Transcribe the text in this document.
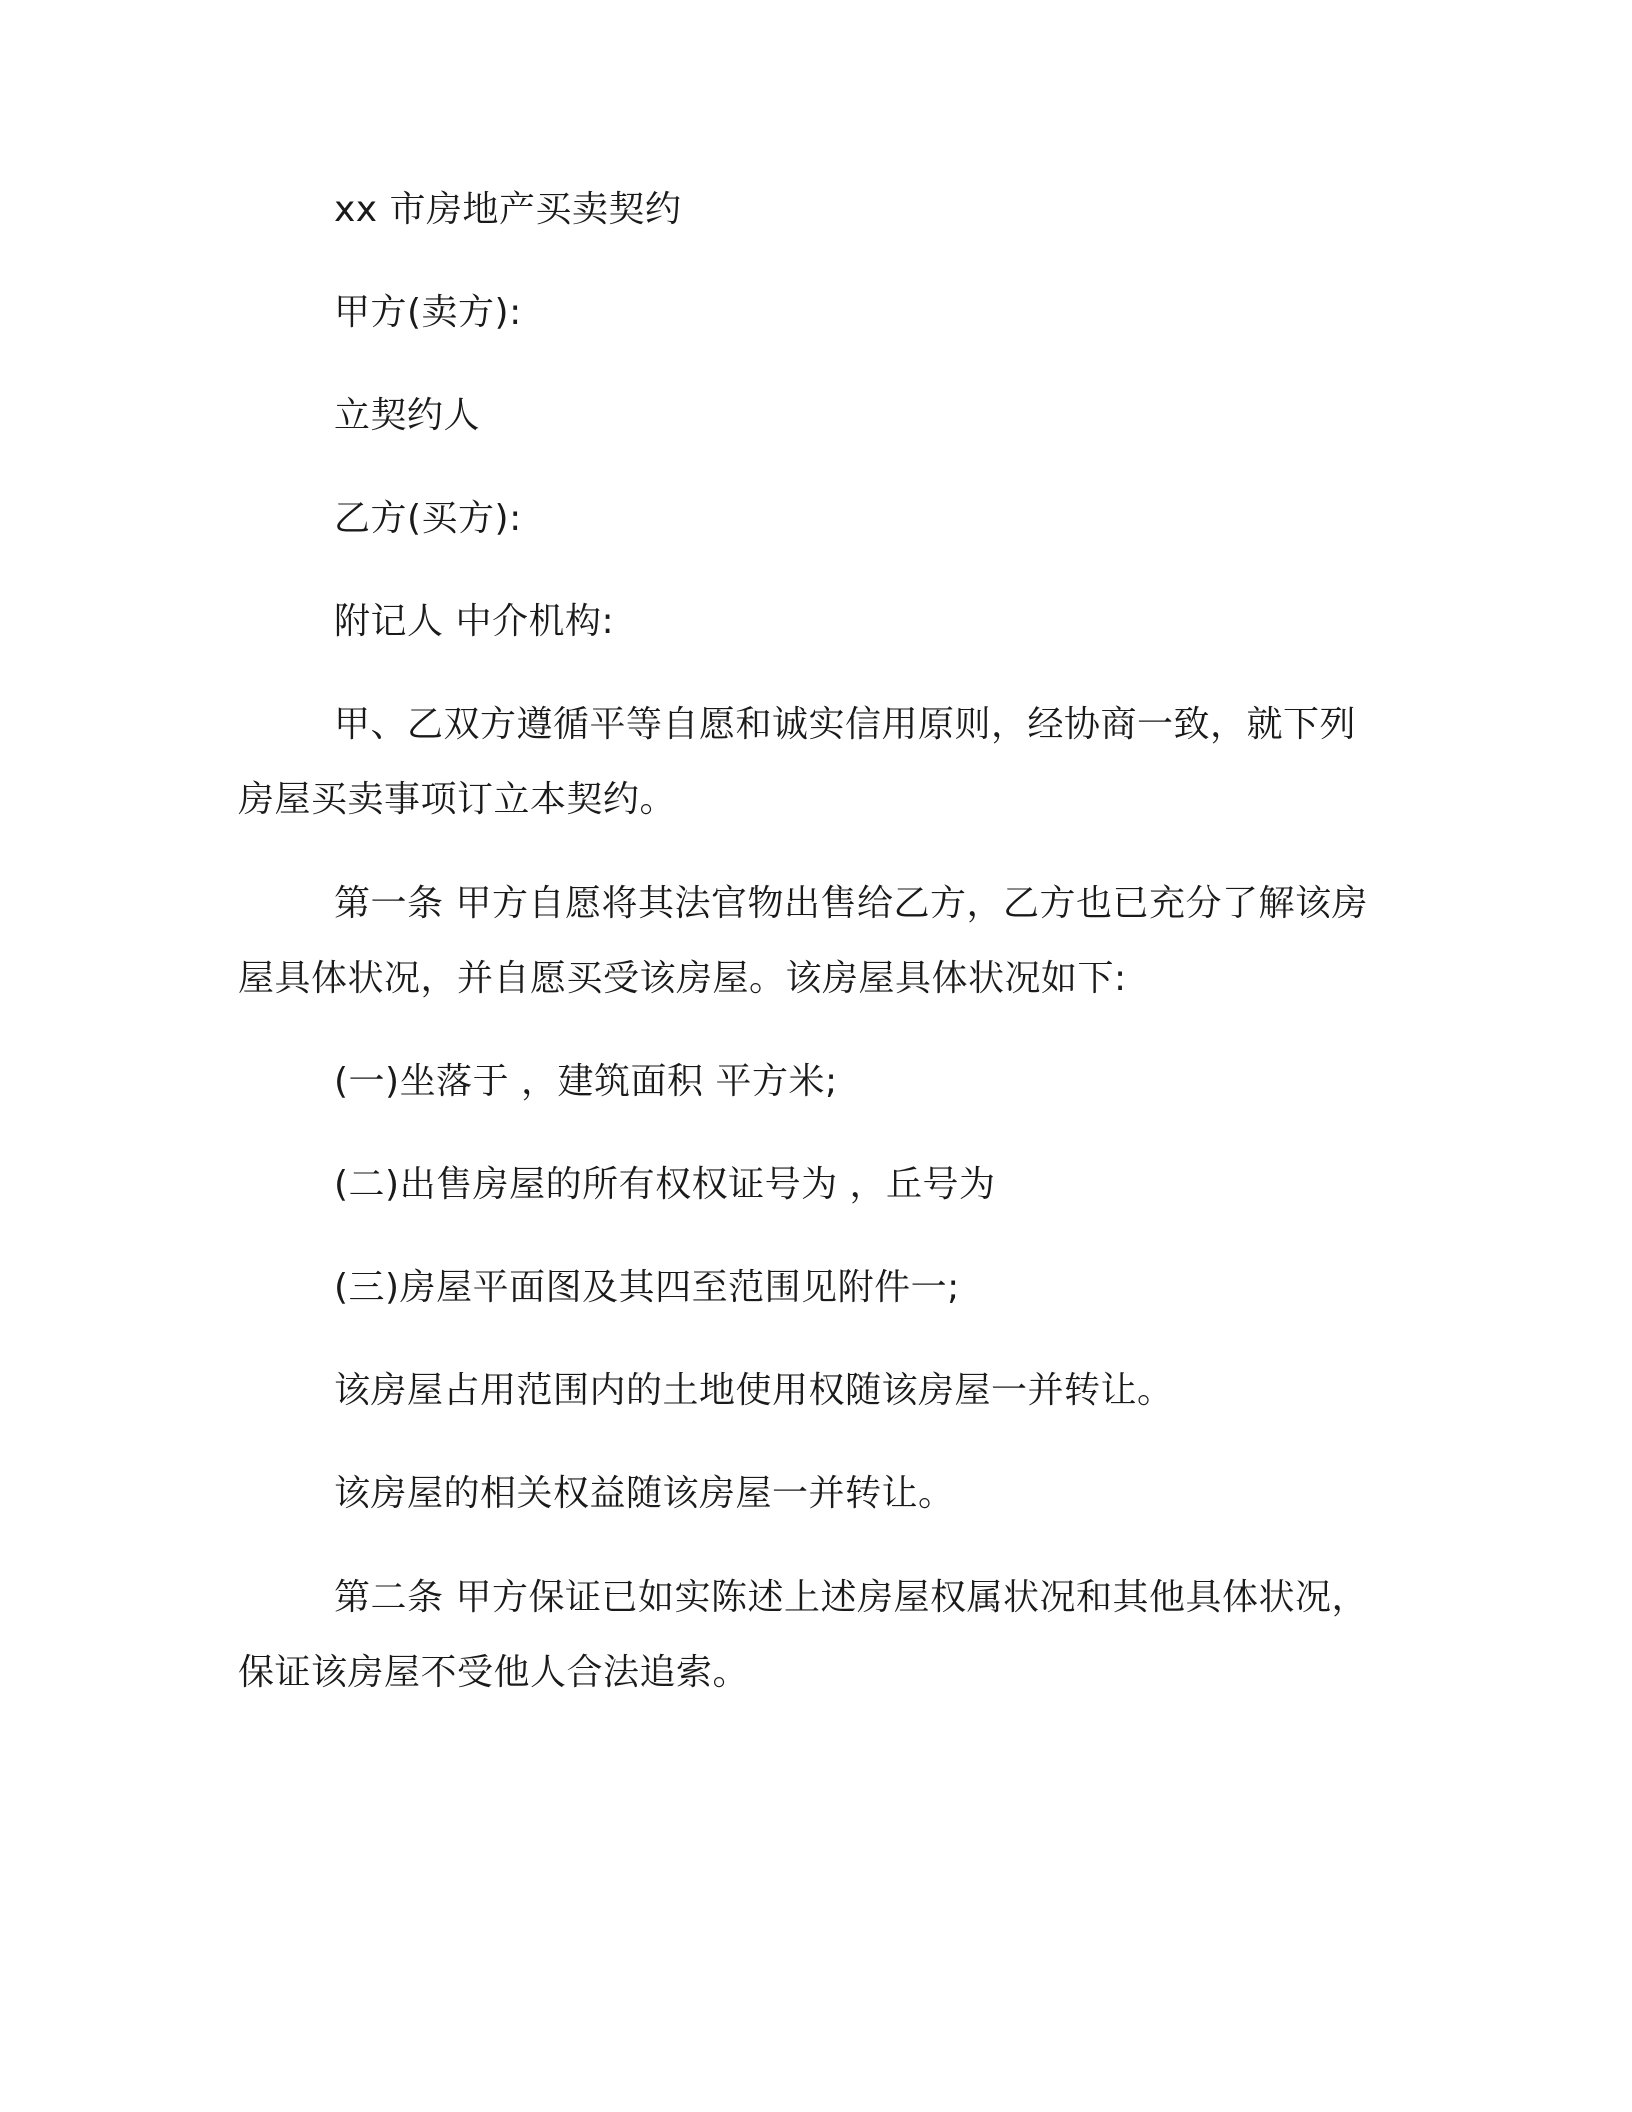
xx 市房地产买卖契约
甲方(卖方):
立契约人
乙方(买方):
附记人 中介机构:
甲、乙双方遵循平等自愿和诚实信用原则，经协商一致，就下列
房屋买卖事项订立本契约。
第一条 甲方自愿将其法官物出售给乙方，乙方也已充分了解该房
屋具体状况，并自愿买受该房屋。该房屋具体状况如下:
(一)坐落于 ，建筑面积 平方米;
(二)出售房屋的所有权权证号为 ，丘号为
(三)房屋平面图及其四至范围见附件一;
该房屋占用范围内的土地使用权随该房屋一并转让。
该房屋的相关权益随该房屋一并转让。
第二条 甲方保证已如实陈述上述房屋权属状况和其他具体状况，
保证该房屋不受他人合法追索。
